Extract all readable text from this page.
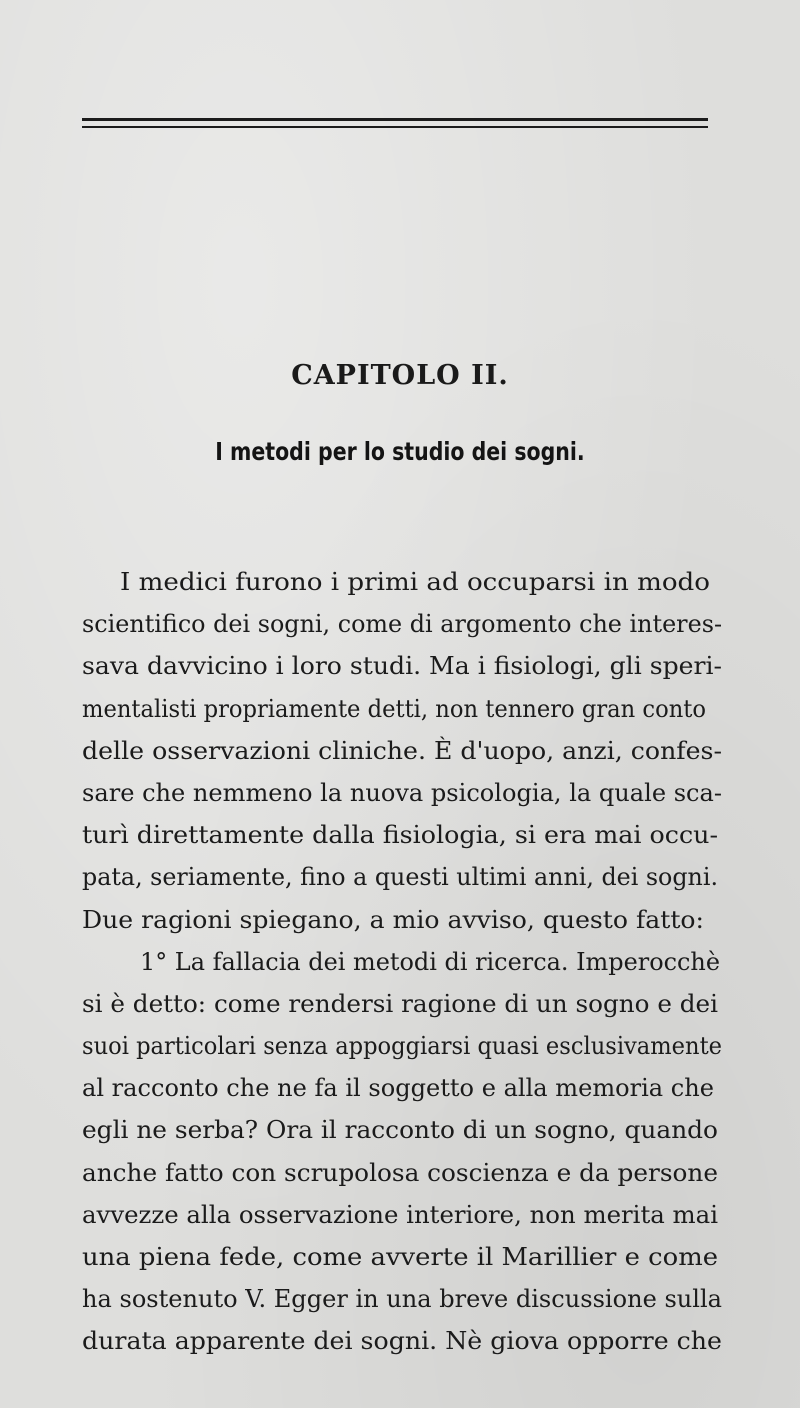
CAPITOLO II.
I metodi per lo studio dei sogni.
I medici furono i primi ad occuparsi in modo
scientifico dei sogni, come di argomento che interes-
sava davvicino i loro studi. Ma i fisiologi, gli speri-
mentalisti propriamente detti, non tennero gran conto
delle osservazioni cliniche. È d'uopo, anzi, confes-
sare che nemmeno la nuova psicologia, la quale sca-
turì direttamente dalla fisiologia, si era mai occu-
pata, seriamente, fino a questi ultimi anni, dei sogni.
Due ragioni spiegano, a mio avviso, questo fatto:
1° La fallacia dei metodi di ricerca. Imperocchè
si è detto: come rendersi ragione di un sogno e dei
suoi particolari senza appoggiarsi quasi esclusivamente
al racconto che ne fa il soggetto e alla memoria che
egli ne serba? Ora il racconto di un sogno, quando
anche fatto con scrupolosa coscienza e da persone
avvezze alla osservazione interiore, non merita mai
una piena fede, come avverte il Marillier e come
ha sostenuto V. Egger in una breve discussione sulla
durata apparente dei sogni. Nè giova opporre che
